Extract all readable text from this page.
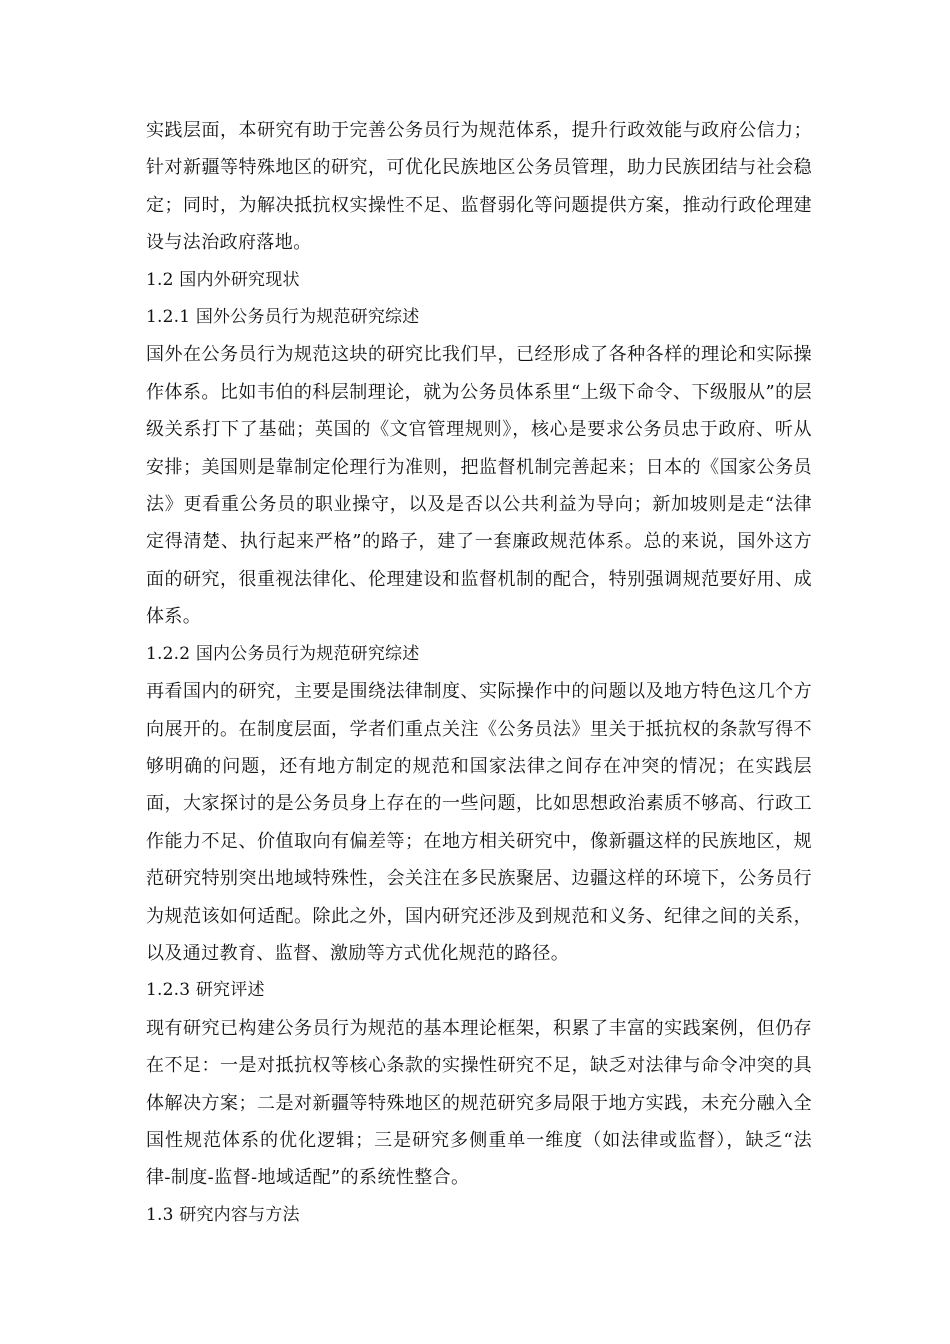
实践层面，本研究有助于完善公务员行为规范体系，提升行政效能与政府公信力；针对新疆等特殊地区的研究，可优化民族地区公务员管理，助力民族团结与社会稳定；同时，为解决抵抗权实操性不足、监督弱化等问题提供方案，推动行政伦理建设与法治政府落地。

1.2 国内外研究现状

1.2.1 国外公务员行为规范研究综述

国外在公务员行为规范这块的研究比我们早，已经形成了各种各样的理论和实际操作体系。比如韦伯的科层制理论，就为公务员体系里“上级下命令、下级服从”的层级关系打下了基础；英国的《文官管理规则》，核心是要求公务员忠于政府、听从安排；美国则是靠制定伦理行为准则，把监督机制完善起来；日本的《国家公务员法》更看重公务员的职业操守，以及是否以公共利益为导向；新加坡则是走“法律定得清楚、执行起来严格”的路子，建了一套廉政规范体系。总的来说，国外这方面的研究，很重视法律化、伦理建设和监督机制的配合，特别强调规范要好用、成体系。

1.2.2 国内公务员行为规范研究综述

再看国内的研究，主要是围绕法律制度、实际操作中的问题以及地方特色这几个方向展开的。在制度层面，学者们重点关注《公务员法》里关于抵抗权的条款写得不够明确的问题，还有地方制定的规范和国家法律之间存在冲突的情况；在实践层面，大家探讨的是公务员身上存在的一些问题，比如思想政治素质不够高、行政工作能力不足、价值取向有偏差等；在地方相关研究中，像新疆这样的民族地区，规范研究特别突出地域特殊性，会关注在多民族聚居、边疆这样的环境下，公务员行为规范该如何适配。除此之外，国内研究还涉及到规范和义务、纪律之间的关系，以及通过教育、监督、激励等方式优化规范的路径。

1.2.3 研究评述

现有研究已构建公务员行为规范的基本理论框架，积累了丰富的实践案例，但仍存在不足：一是对抵抗权等核心条款的实操性研究不足，缺乏对法律与命令冲突的具体解决方案；二是对新疆等特殊地区的规范研究多局限于地方实践，未充分融入全国性规范体系的优化逻辑；三是研究多侧重单一维度（如法律或监督），缺乏“法律-制度-监督-地域适配”的系统性整合。

1.3 研究内容与方法
